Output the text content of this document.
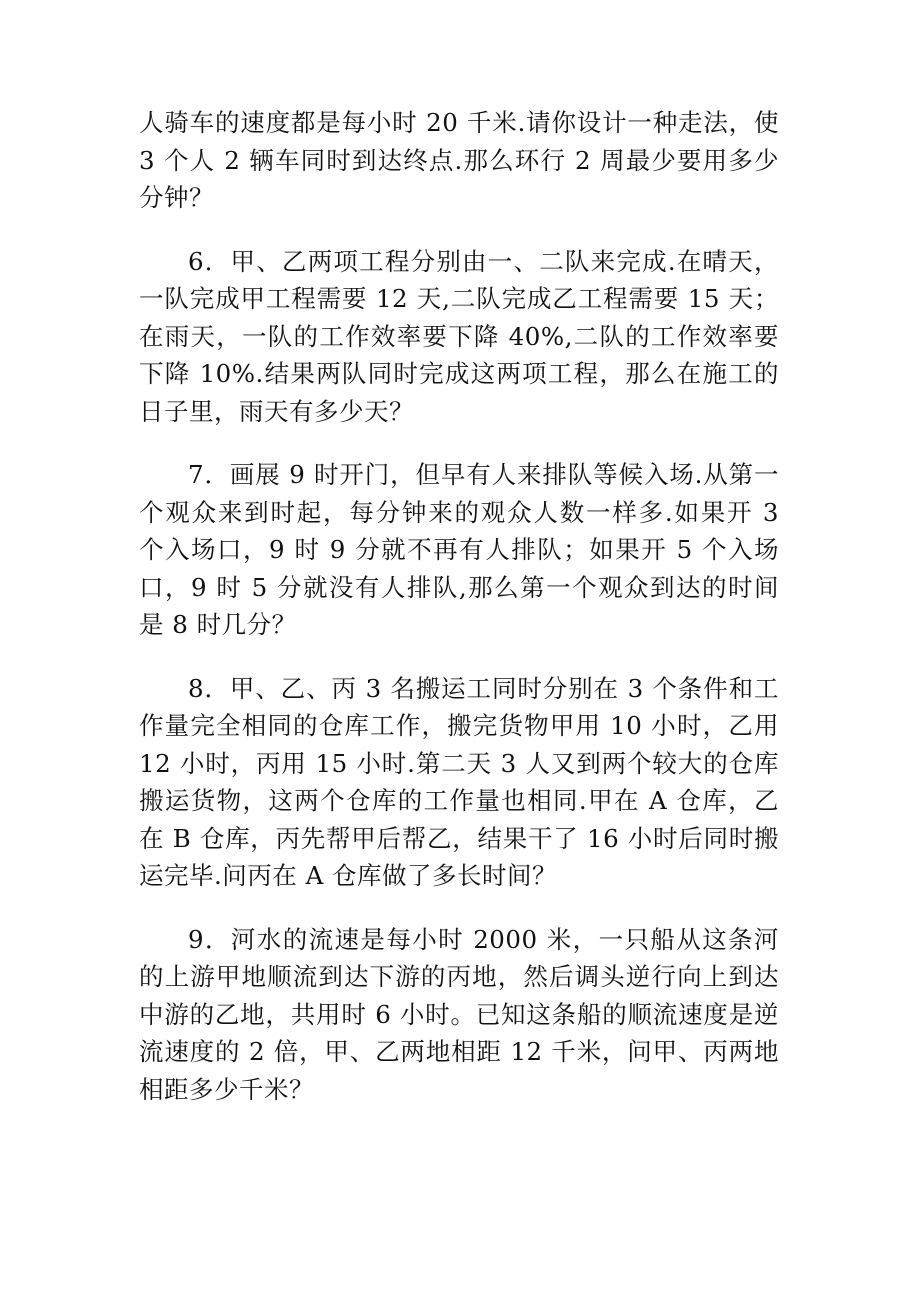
人骑车的速度都是每小时 20 千米.请你设计一种走法，使 3 个人 2 辆车同时到达终点.那么环行 2 周最少要用多少分钟？

6．甲、乙两项工程分别由一、二队来完成.在晴天，一队完成甲工程需要 12 天,二队完成乙工程需要 15 天；在雨天，一队的工作效率要下降 40%,二队的工作效率要下降 10%.结果两队同时完成这两项工程，那么在施工的日子里，雨天有多少天？

7．画展 9 时开门，但早有人来排队等候入场.从第一个观众来到时起，每分钟来的观众人数一样多.如果开 3 个入场口，9 时 9 分就不再有人排队；如果开 5 个入场口，9 时 5 分就没有人排队,那么第一个观众到达的时间是 8 时几分？

8．甲、乙、丙 3 名搬运工同时分别在 3 个条件和工作量完全相同的仓库工作，搬完货物甲用 10 小时，乙用 12 小时，丙用 15 小时.第二天 3 人又到两个较大的仓库搬运货物，这两个仓库的工作量也相同.甲在 A 仓库，乙在 B 仓库，丙先帮甲后帮乙，结果干了 16 小时后同时搬运完毕.问丙在 A 仓库做了多长时间？

9．河水的流速是每小时 2000 米，一只船从这条河的上游甲地顺流到达下游的丙地，然后调头逆行向上到达中游的乙地，共用时 6 小时。已知这条船的顺流速度是逆流速度的 2 倍，甲、乙两地相距 12 千米，问甲、丙两地相距多少千米？
